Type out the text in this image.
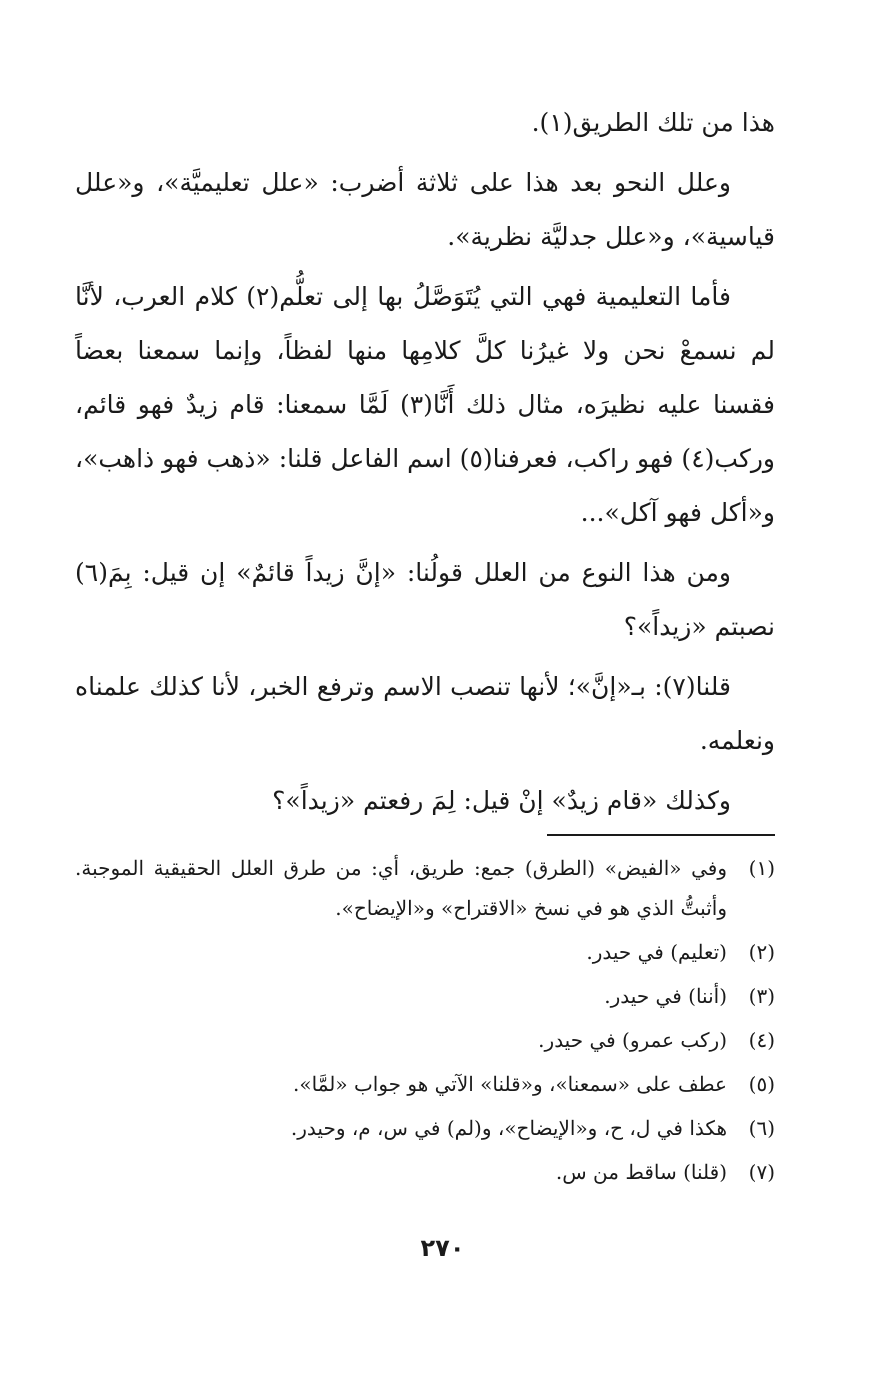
هذا من تلك الطريق(١).

وعلل النحو بعد هذا على ثلاثة أضرب: «علل تعليميَّة»، و«علل قياسية»، و«علل جدليَّة نظرية».

فأما التعليمية فهي التي يُتَوَصَّلُ بها إلى تعلُّم(٢) كلام العرب، لأنَّا لم نسمعْ نحن ولا غيرُنا كلَّ كلامِها منها لفظاً، وإنما سمعنا بعضاً فقسنا عليه نظيرَه، مثال ذلك أَنَّا(٣) لَمَّا سمعنا: قام زيدٌ فهو قائم، وركب(٤) فهو راكب، فعرفنا(٥) اسم الفاعل قلنا: «ذهب فهو ذاهب»، و«أكل فهو آكل»...

ومن هذا النوع من العلل قولُنا: «إنَّ زيداً قائمٌ» إن قيل: بِمَ(٦) نصبتم «زيداً»؟

قلنا(٧): بـ«إنَّ»؛ لأنها تنصب الاسم وترفع الخبر، لأنا كذلك علمناه ونعلمه.

وكذلك «قام زيدٌ» إنْ قيل: لِمَ رفعتم «زيداً»؟

(١)
وفي «الفيض» (الطرق) جمع: طريق، أي: من طرق العلل الحقيقية الموجبة. وأثبتُّ الذي هو في نسخ «الاقتراح» و«الإيضاح».
(٢)
(تعليم) في حيدر.
(٣)
(أننا) في حيدر.
(٤)
(ركب عمرو) في حيدر.
(٥)
عطف على «سمعنا»، و«قلنا» الآتي هو جواب «لمَّا».
(٦)
هكذا في ل، ح، و«الإيضاح»، و(لم) في س، م، وحيدر.
(٧)
(قلنا) ساقط من س.
٢٧٠
